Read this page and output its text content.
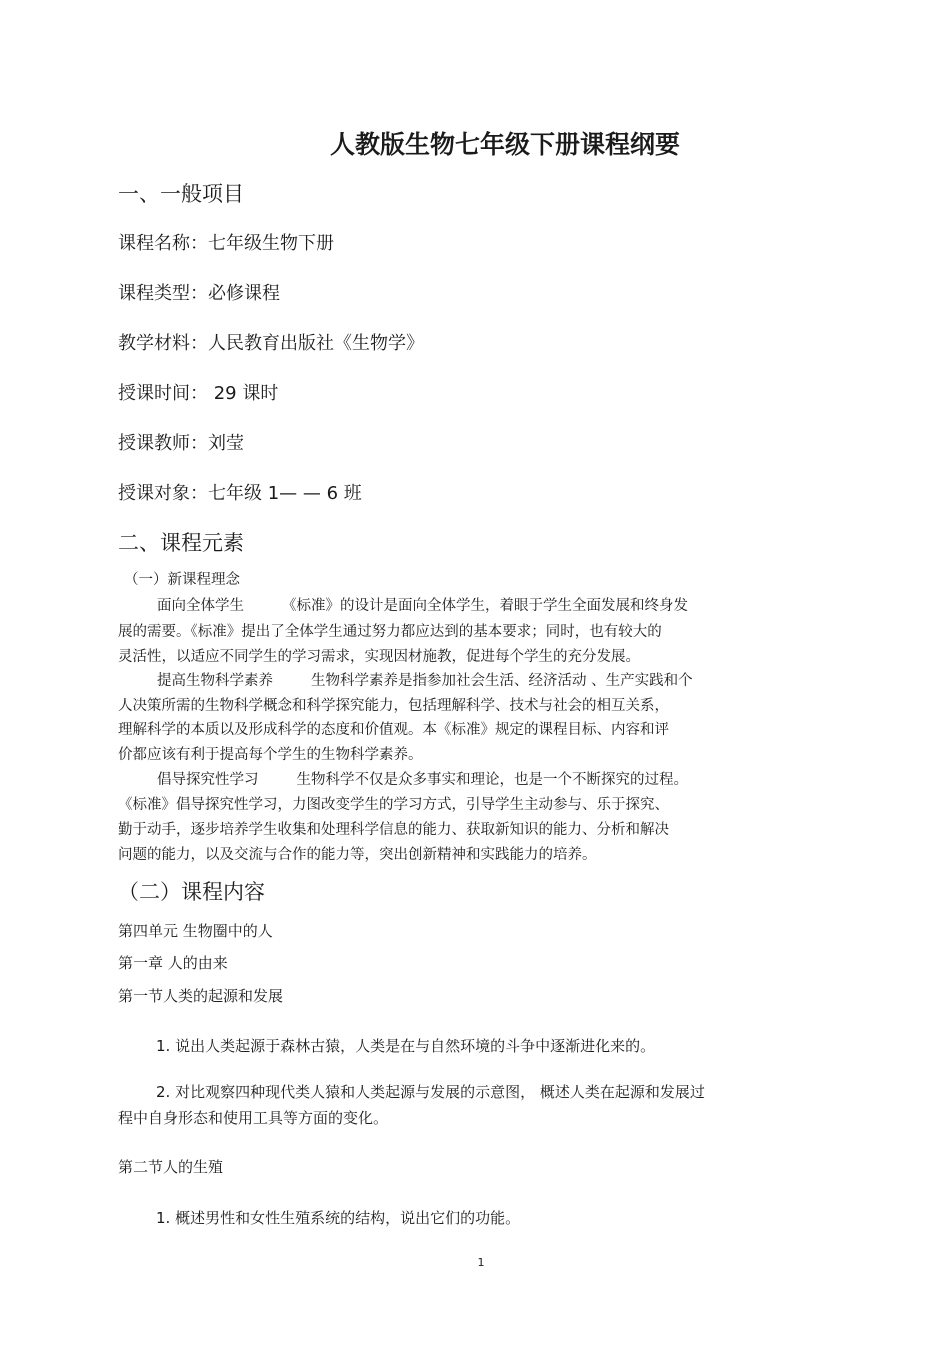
人教版生物七年级下册课程纲要
一、一般项目
课程名称：七年级生物下册
课程类型：必修课程
教学材料：人民教育出版社《生物学》
授课时间： 29 课时
授课教师：刘莹
授课对象：七年级 1— — 6 班
二、课程元素
（一）新课程理念
面向全体学生	《标准》的设计是面向全体学生，着眼于学生全面发展和终身发
展的需要。《标准》提出了全体学生通过努力都应达到的基本要求；同时，也有较大的
灵活性，以适应不同学生的学习需求，实现因材施教，促进每个学生的充分发展。
提高生物科学素养	生物科学素养是指参加社会生活、经济活动 、生产实践和个
人决策所需的生物科学概念和科学探究能力，包括理解科学、技术与社会的相互关系，
理解科学的本质以及形成科学的态度和价值观。本《标准》规定的课程目标、内容和评
价都应该有利于提高每个学生的生物科学素养。
倡导探究性学习	生物科学不仅是众多事实和理论，也是一个不断探究的过程。
《标准》倡导探究性学习，力图改变学生的学习方式，引导学生主动参与、乐于探究、
勤于动手，逐步培养学生收集和处理科学信息的能力、获取新知识的能力、分析和解决
问题的能力，以及交流与合作的能力等，突出创新精神和实践能力的培养。
（二）课程内容
第四单元 生物圈中的人
第一章 人的由来
第一节人类的起源和发展
1. 说出人类起源于森林古猿，人类是在与自然环境的斗争中逐渐进化来的。
2. 对比观察四种现代类人猿和人类起源与发展的示意图， 概述人类在起源和发展过
程中自身形态和使用工具等方面的变化。
第二节人的生殖
1. 概述男性和女性生殖系统的结构，说出它们的功能。
1
